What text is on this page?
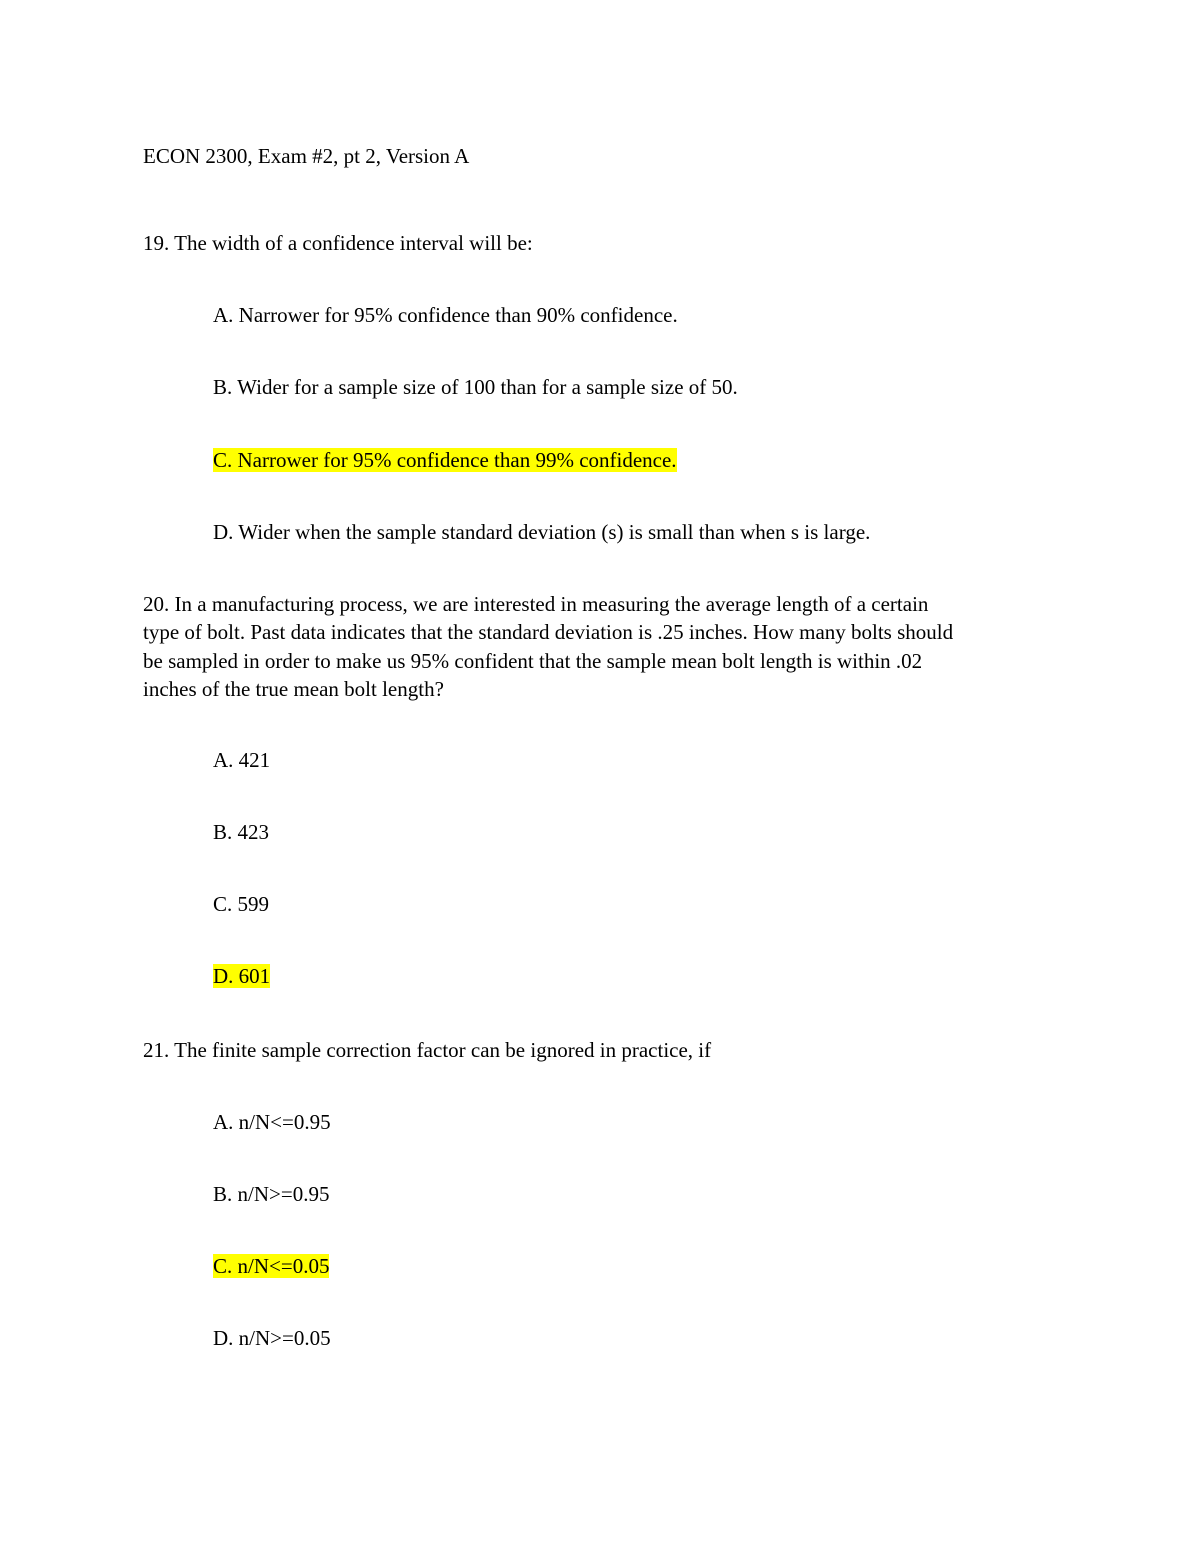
ECON 2300, Exam #2, pt 2, Version A
19. The width of a confidence interval will be:
A. Narrower for 95% confidence than 90% confidence.
B. Wider for a sample size of 100 than for a sample size of 50.
C. Narrower for 95% confidence than 99% confidence.
D. Wider when the sample standard deviation (s) is small than when s is large.
20. In a manufacturing process, we are interested in measuring the average length of a certain
type of bolt. Past data indicates that the standard deviation is .25 inches. How many bolts should
be sampled in order to make us 95% confident that the sample mean bolt length is within .02
inches of the true mean bolt length?
A. 421
B. 423
C. 599
D. 601
21. The finite sample correction factor can be ignored in practice, if
A. n/N<=0.95
B. n/N>=0.95
C. n/N<=0.05
D. n/N>=0.05
